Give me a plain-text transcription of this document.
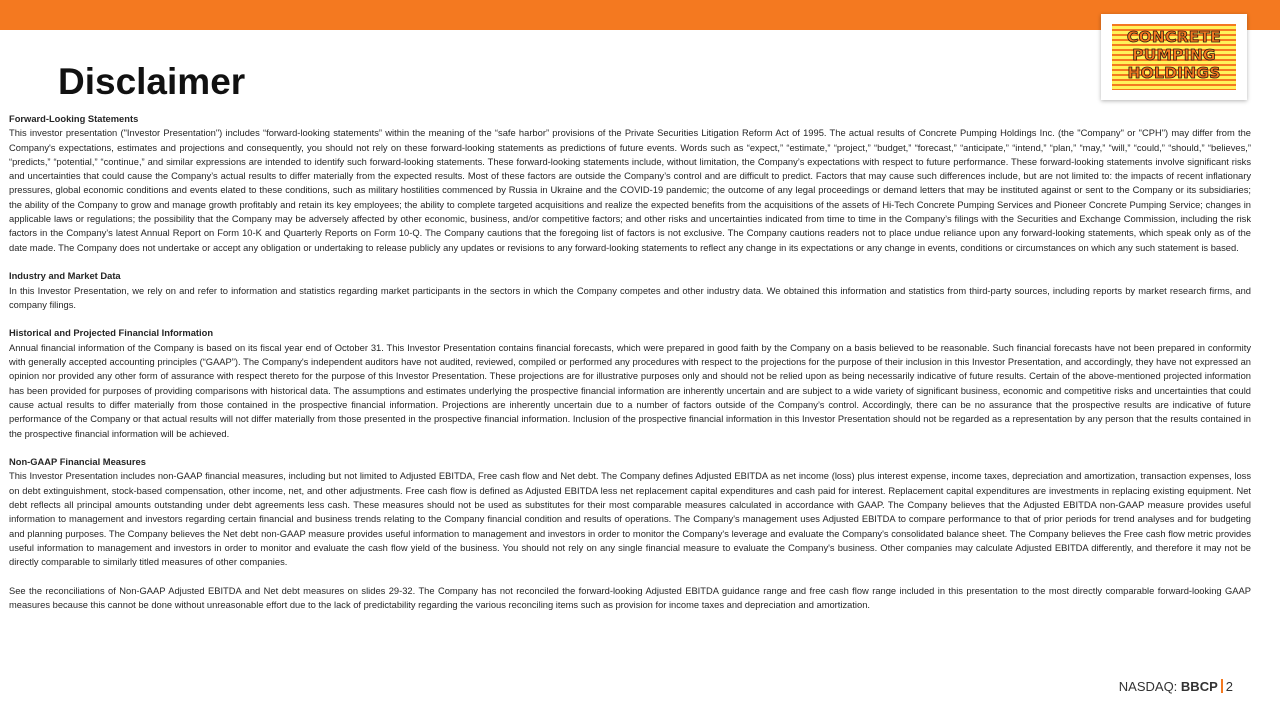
Disclaimer
CONCRETE
PUMPING
HOLDINGS
Forward-Looking Statements
This investor presentation ("Investor Presentation") includes “forward-looking statements” within the meaning of the “safe harbor” provisions of the Private Securities Litigation Reform Act of 1995. The actual results of Concrete Pumping Holdings Inc. (the "Company" or "CPH") may differ from the Company's expectations, estimates and projections and consequently, you should not rely on these forward-looking statements as predictions of future events. Words such as “expect,” “estimate,” “project,” “budget,” “forecast,” “anticipate,” “intend,” “plan,” “may,” “will,” “could,” “should,” “believes,” “predicts,” “potential,” “continue,” and similar expressions are intended to identify such forward-looking statements. These forward-looking statements include, without limitation, the Company’s expectations with respect to future performance. These forward-looking statements involve significant risks and uncertainties that could cause the Company’s actual results to differ materially from the expected results. Most of these factors are outside the Company’s control and are difficult to predict. Factors that may cause such differences include, but are not limited to: the impacts of recent inflationary pressures, global economic conditions and events elated to these conditions, such as military hostilities commenced by Russia in Ukraine and the COVID-19 pandemic; the outcome of any legal proceedings or demand letters that may be instituted against or sent to the Company or its subsidiaries; the ability of the Company to grow and manage growth profitably and retain its key employees; the ability to complete targeted acquisitions and realize the expected benefits from the acquisitions of the assets of Hi-Tech Concrete Pumping Services and Pioneer Concrete Pumping Service; changes in applicable laws or regulations; the possibility that the Company may be adversely affected by other economic, business, and/or competitive factors; and other risks and uncertainties indicated from time to time in the Company’s filings with the Securities and Exchange Commission, including the risk factors in the Company's latest Annual Report on Form 10-K and Quarterly Reports on Form 10-Q. The Company cautions that the foregoing list of factors is not exclusive. The Company cautions readers not to place undue reliance upon any forward-looking statements, which speak only as of the date made. The Company does not undertake or accept any obligation or undertaking to release publicly any updates or revisions to any forward-looking statements to reflect any change in its expectations or any change in events, conditions or circumstances on which any such statement is based.
Industry and Market Data
In this Investor Presentation, we rely on and refer to information and statistics regarding market participants in the sectors in which the Company competes and other industry data. We obtained this information and statistics from third-party sources, including reports by market research firms, and company filings.
Historical and Projected Financial Information
Annual financial information of the Company is based on its fiscal year end of October 31. This Investor Presentation contains financial forecasts, which were prepared in good faith by the Company on a basis believed to be reasonable. Such financial forecasts have not been prepared in conformity with generally accepted accounting principles (“GAAP”). The Company's independent auditors have not audited, reviewed, compiled or performed any procedures with respect to the projections for the purpose of their inclusion in this Investor Presentation, and accordingly, they have not expressed an opinion nor provided any other form of assurance with respect thereto for the purpose of this Investor Presentation. These projections are for illustrative purposes only and should not be relied upon as being necessarily indicative of future results. Certain of the above-mentioned projected information has been provided for purposes of providing comparisons with historical data. The assumptions and estimates underlying the prospective financial information are inherently uncertain and are subject to a wide variety of significant business, economic and competitive risks and uncertainties that could cause actual results to differ materially from those contained in the prospective financial information. Projections are inherently uncertain due to a number of factors outside of the Company’s control. Accordingly, there can be no assurance that the prospective results are indicative of future performance of the Company or that actual results will not differ materially from those presented in the prospective financial information. Inclusion of the prospective financial information in this Investor Presentation should not be regarded as a representation by any person that the results contained in the prospective financial information will be achieved.
Non-GAAP Financial Measures
This Investor Presentation includes non-GAAP financial measures, including but not limited to Adjusted EBITDA, Free cash flow and Net debt. The Company defines Adjusted EBITDA as net income (loss) plus interest expense, income taxes, depreciation and amortization, transaction expenses, loss on debt extinguishment, stock-based compensation, other income, net, and other adjustments. Free cash flow is defined as Adjusted EBITDA less net replacement capital expenditures and cash paid for interest. Replacement capital expenditures are investments in replacing existing equipment. Net debt reflects all principal amounts outstanding under debt agreements less cash. These measures should not be used as substitutes for their most comparable measures calculated in accordance with GAAP. The Company believes that the Adjusted EBITDA non-GAAP measure provides useful information to management and investors regarding certain financial and business trends relating to the Company financial condition and results of operations. The Company's management uses Adjusted EBITDA to compare performance to that of prior periods for trend analyses and for budgeting and planning purposes. The Company believes the Net debt non-GAAP measure provides useful information to management and investors in order to monitor the Company's leverage and evaluate the Company's consolidated balance sheet. The Company believes the Free cash flow metric provides useful information to management and investors in order to monitor and evaluate the cash flow yield of the business. You should not rely on any single financial measure to evaluate the Company's business. Other companies may calculate Adjusted EBITDA differently, and therefore it may not be directly comparable to similarly titled measures of other companies.
See the reconciliations of Non-GAAP Adjusted EBITDA and Net debt measures on slides 29-32. The Company has not reconciled the forward-looking Adjusted EBITDA guidance range and free cash flow range included in this presentation to the most directly comparable forward-looking GAAP measures because this cannot be done without unreasonable effort due to the lack of predictability regarding the various reconciling items such as provision for income taxes and depreciation and amortization.
NASDAQ: BBCP 2
